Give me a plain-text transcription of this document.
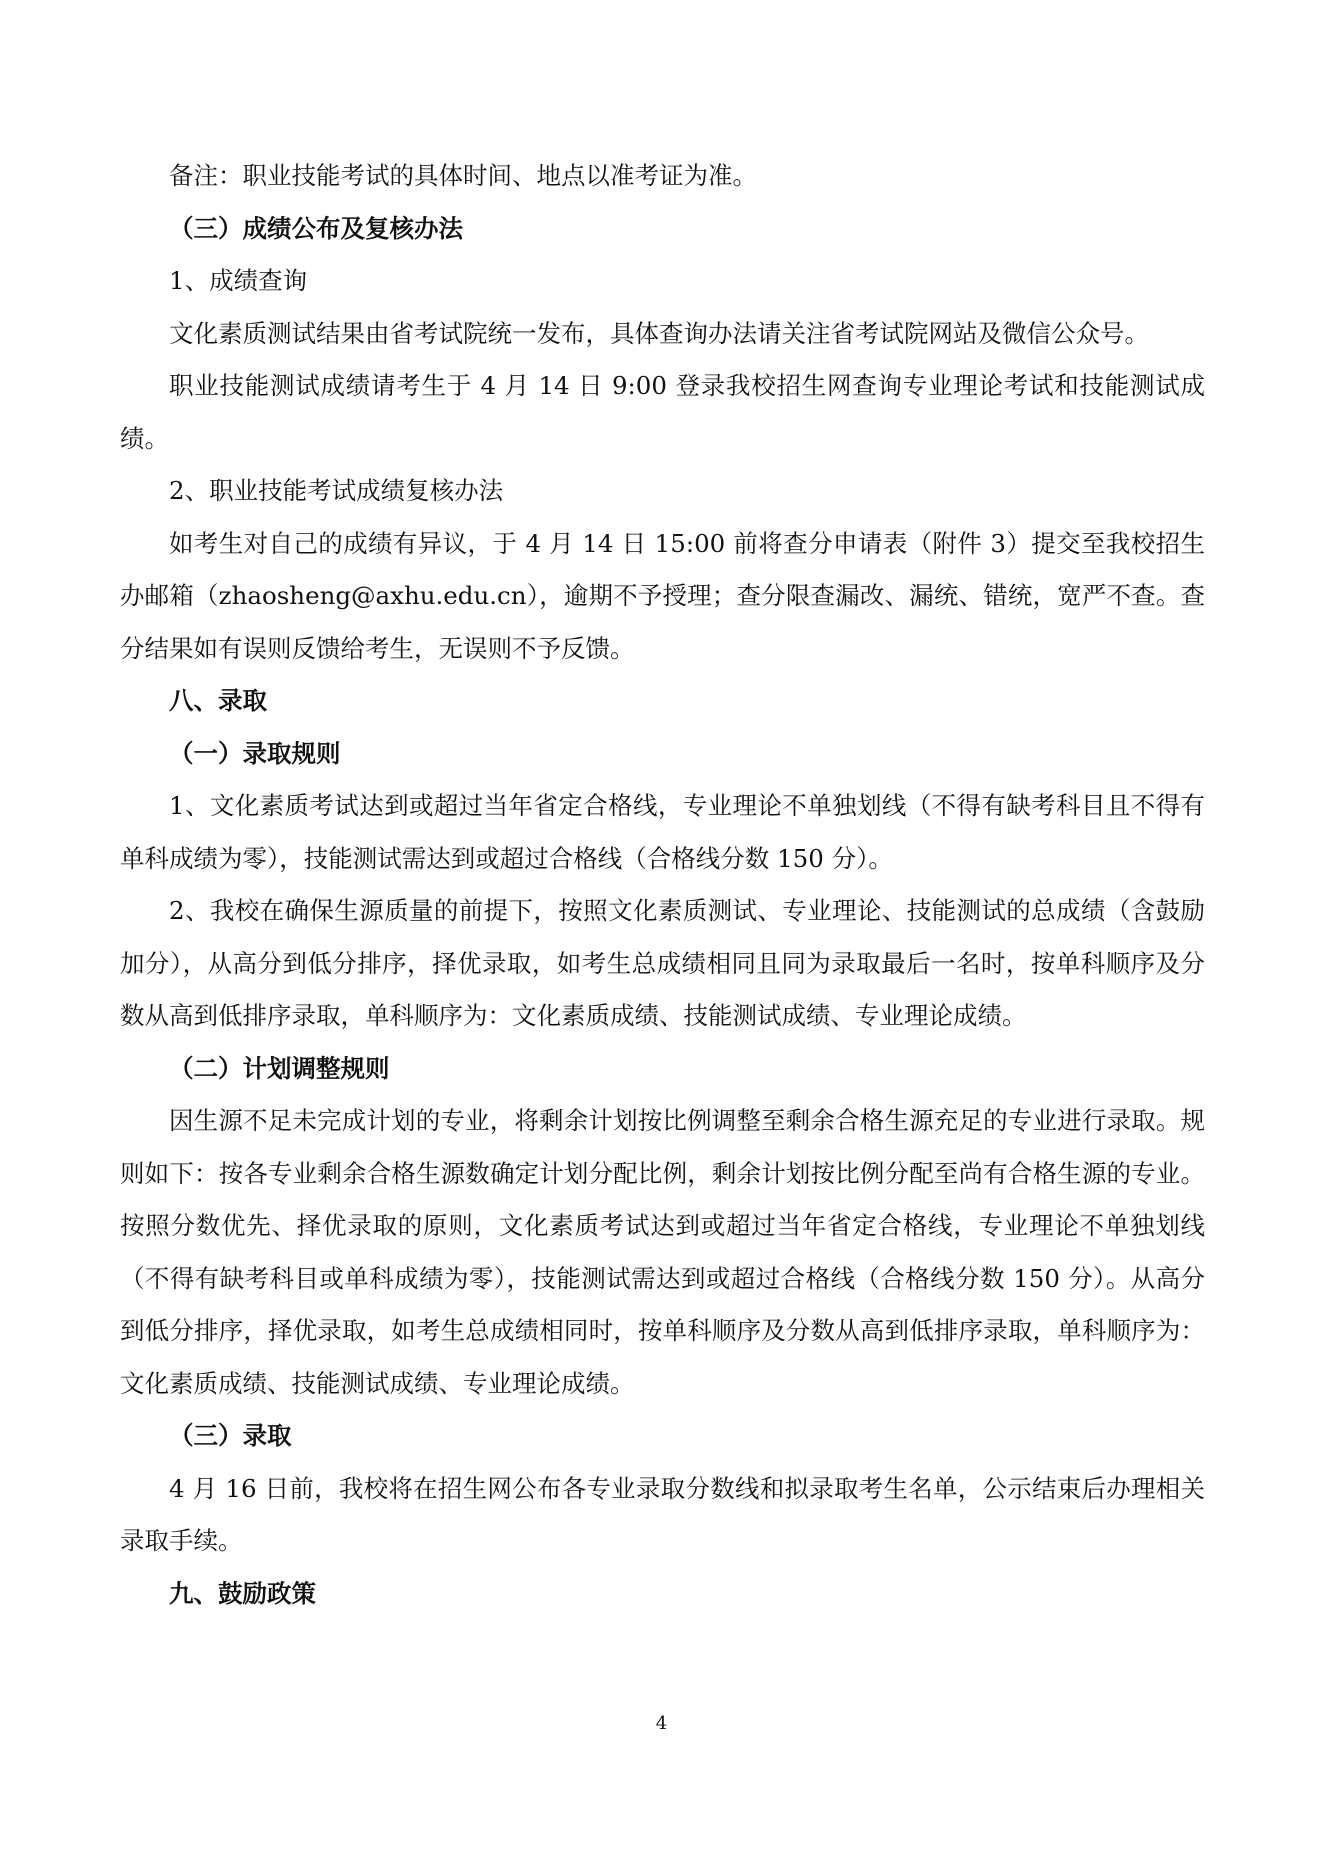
备注：职业技能考试的具体时间、地点以准考证为准。

（三）成绩公布及复核办法

1、成绩查询

文化素质测试结果由省考试院统一发布，具体查询办法请关注省考试院网站及微信公众号。

职业技能测试成绩请考生于 4 月 14 日 9:00 登录我校招生网查询专业理论考试和技能测试成绩。

2、职业技能考试成绩复核办法

如考生对自己的成绩有异议，于 4 月 14 日 15:00 前将查分申请表（附件 3）提交至我校招生办邮箱（zhaosheng@axhu.edu.cn），逾期不予授理；查分限查漏改、漏统、错统，宽严不查。查分结果如有误则反馈给考生，无误则不予反馈。

八、录取

（一）录取规则

1、文化素质考试达到或超过当年省定合格线，专业理论不单独划线（不得有缺考科目且不得有单科成绩为零），技能测试需达到或超过合格线（合格线分数 150 分）。

2、我校在确保生源质量的前提下，按照文化素质测试、专业理论、技能测试的总成绩（含鼓励加分），从高分到低分排序，择优录取，如考生总成绩相同且同为录取最后一名时，按单科顺序及分数从高到低排序录取，单科顺序为：文化素质成绩、技能测试成绩、专业理论成绩。

（二）计划调整规则

因生源不足未完成计划的专业，将剩余计划按比例调整至剩余合格生源充足的专业进行录取。规则如下：按各专业剩余合格生源数确定计划分配比例，剩余计划按比例分配至尚有合格生源的专业。按照分数优先、择优录取的原则，文化素质考试达到或超过当年省定合格线，专业理论不单独划线（不得有缺考科目或单科成绩为零），技能测试需达到或超过合格线（合格线分数 150 分）。从高分到低分排序，择优录取，如考生总成绩相同时，按单科顺序及分数从高到低排序录取，单科顺序为：文化素质成绩、技能测试成绩、专业理论成绩。

（三）录取

4 月 16 日前，我校将在招生网公布各专业录取分数线和拟录取考生名单，公示结束后办理相关录取手续。

九、鼓励政策

4
